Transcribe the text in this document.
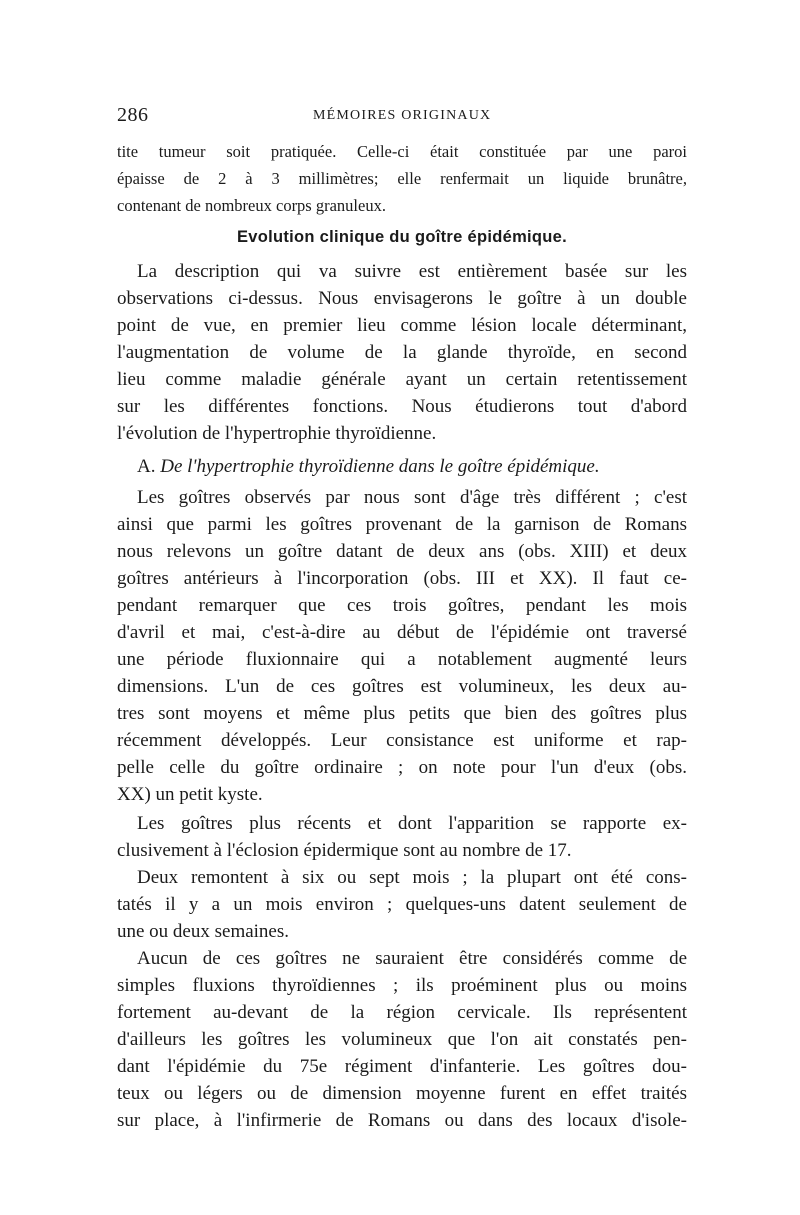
286	MÉMOIRES ORIGINAUX
tite tumeur soit pratiquée. Celle-ci était constituée par une paroi
épaisse de 2 à 3 millimètres; elle renfermait un liquide brunâtre,
contenant de nombreux corps granuleux.
Evolution clinique du goître épidémique.
La description qui va suivre est entièrement basée sur les
observations ci-dessus. Nous envisagerons le goître à un double
point de vue, en premier lieu comme lésion locale déterminant,
l'augmentation de volume de la glande thyroïde, en second
lieu comme maladie générale ayant un certain retentissement
sur les différentes fonctions. Nous étudierons tout d'abord
l'évolution de l'hypertrophie thyroïdienne.
A. De l'hypertrophie thyroïdienne dans le goître épidémique.
Les goîtres observés par nous sont d'âge très différent ; c'est
ainsi que parmi les goîtres provenant de la garnison de Romans
nous relevons un goître datant de deux ans (obs. XIII) et deux
goîtres antérieurs à l'incorporation (obs. III et XX). Il faut ce-
pendant remarquer que ces trois goîtres, pendant les mois
d'avril et mai, c'est-à-dire au début de l'épidémie ont traversé
une période fluxionnaire qui a notablement augmenté leurs
dimensions. L'un de ces goîtres est volumineux, les deux au-
tres sont moyens et même plus petits que bien des goîtres plus
récemment développés. Leur consistance est uniforme et rap-
pelle celle du goître ordinaire ; on note pour l'un d'eux (obs.
XX) un petit kyste.
Les goîtres plus récents et dont l'apparition se rapporte ex-
clusivement à l'éclosion épidermique sont au nombre de 17.
Deux remontent à six ou sept mois ; la plupart ont été cons-
tatés il y a un mois environ ; quelques-uns datent seulement de
une ou deux semaines.
Aucun de ces goîtres ne sauraient être considérés comme de
simples fluxions thyroïdiennes ; ils proéminent plus ou moins
fortement au-devant de la région cervicale. Ils représentent
d'ailleurs les goîtres les volumineux que l'on ait constatés pen-
dant l'épidémie du 75e régiment d'infanterie. Les goîtres dou-
teux ou légers ou de dimension moyenne furent en effet traités
sur place, à l'infirmerie de Romans ou dans des locaux d'isole-
